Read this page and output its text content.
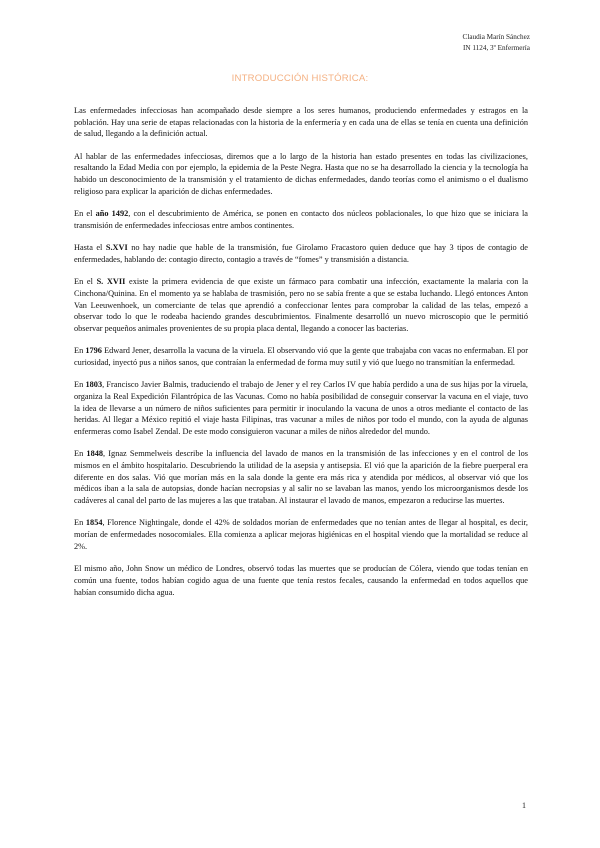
Claudia Marín Sánchez
IN 1124, 3º Enfermería
INTRODUCCIÓN HISTÓRICA:

Las enfermedades infecciosas han acompañado desde siempre a los seres humanos, produciendo enfermedades y estragos en la población. Hay una serie de etapas relacionadas con la historia de la enfermería y en cada una de ellas se tenía en cuenta una definición de salud, llegando a la definición actual.

Al hablar de las enfermedades infecciosas, diremos que a lo largo de la historia han estado presentes en todas las civilizaciones, resaltando la Edad Media con por ejemplo, la epidemia de la Peste Negra. Hasta que no se ha desarrollado la ciencia y la tecnología ha habido un desconocimiento de la transmisión y el tratamiento de dichas enfermedades, dando teorías como el animismo o el dualismo religioso para explicar la aparición de dichas enfermedades.

En el año 1492, con el descubrimiento de América, se ponen en contacto dos núcleos poblacionales, lo que hizo que se iniciara la transmisión de enfermedades infecciosas entre ambos continentes.

Hasta el S.XVI no hay nadie que hable de la transmisión, fue Girolamo Fracastoro quien deduce que hay 3 tipos de contagio de enfermedades, hablando de: contagio directo, contagio a través de “fomes” y transmisión a distancia.

En el S. XVII existe la primera evidencia de que existe un fármaco para combatir una infección, exactamente la malaria con la Cinchona/Quinina. En el momento ya se hablaba de trasmisión, pero no se sabía frente a que se estaba luchando. Llegó entonces Anton Van Leeuwenhoek, un comerciante de telas que aprendió a confeccionar lentes para comprobar la calidad de las telas, empezó a observar todo lo que le rodeaba haciendo grandes descubrimientos. Finalmente desarrolló un nuevo microscopio que le permitió observar pequeños animales provenientes de su propia placa dental, llegando a conocer las bacterias.

En 1796 Edward Jener, desarrolla la vacuna de la viruela. El observando vió que la gente que trabajaba con vacas no enfermaban. El por curiosidad, inyectó pus a niños sanos, que contraían la enfermedad de forma muy sutil y vió que luego no transmitían la enfermedad.

En 1803, Francisco Javier Balmis, traduciendo el trabajo de Jener y el rey Carlos IV que había perdido a una de sus hijas por la viruela, organiza la Real Expedición Filantrópica de las Vacunas. Como no había posibilidad de conseguir conservar la vacuna en el viaje, tuvo la idea de llevarse a un número de niños suficientes para permitir ir inoculando la vacuna de unos a otros mediante el contacto de las heridas. Al llegar a México repitió el viaje hasta Filipinas, tras vacunar a miles de niños por todo el mundo, con la ayuda de algunas enfermeras como Isabel Zendal. De este modo consiguieron vacunar a miles de niños alrededor del mundo.

En 1848, Ignaz Semmelweis describe la influencia del lavado de manos en la transmisión de las infecciones y en el control de los mismos en el ámbito hospitalario. Descubriendo la utilidad de la asepsia y antisepsia. El vió que la aparición de la fiebre puerperal era diferente en dos salas. Vió que morían más en la sala donde la gente era más rica y atendida por médicos, al observar vió que los médicos iban a la sala de autopsias, donde hacían necropsias y al salir no se lavaban las manos, yendo los microorganismos desde los cadáveres al canal del parto de las mujeres a las que trataban. Al instaurar el lavado de manos, empezaron a reducirse las muertes.

En 1854, Florence Nightingale, donde el 42% de soldados morían de enfermedades que no tenían antes de llegar al hospital, es decir, morían de enfermedades nosocomiales. Ella comienza a aplicar mejoras higiénicas en el hospital viendo que la mortalidad se reduce al 2%.

El mismo año, John Snow un médico de Londres, observó todas las muertes que se producían de Cólera, viendo que todas tenían en común una fuente, todos habían cogido agua de una fuente que tenía restos fecales, causando la enfermedad en todos aquellos que habían consumido dicha agua.

1
